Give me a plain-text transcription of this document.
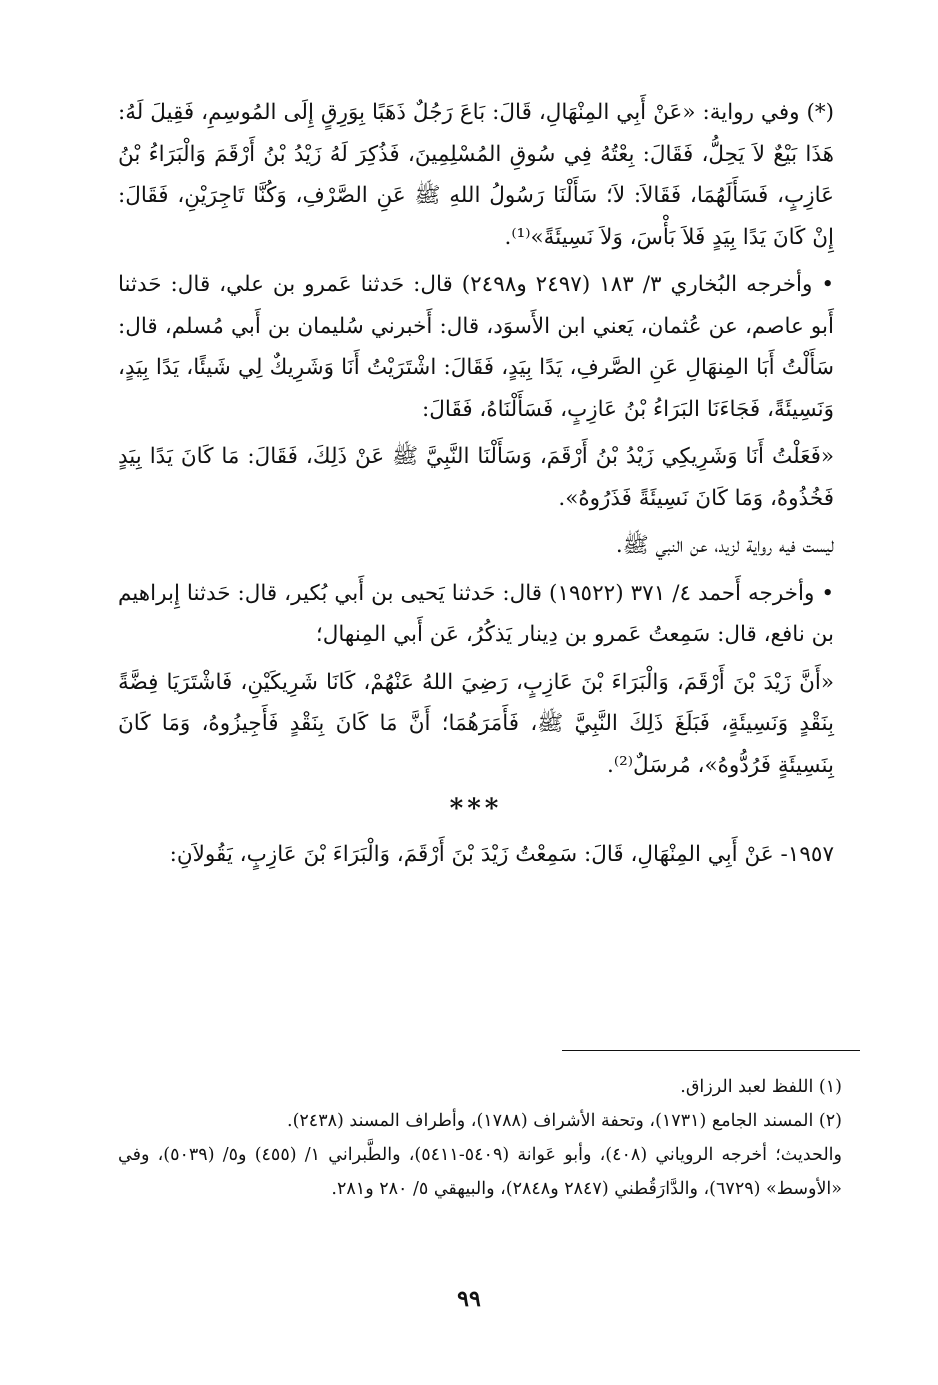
(*) وفي رواية: «عَنْ أَبِي المِنْهَالِ، قَالَ: بَاعَ رَجُلٌ ذَهَبًا بِوَرِقٍ إِلَى المُوسِمِ، فَقِيلَ لَهُ: هَذَا بَيْعٌ لاَ يَحِلُّ، فَقَالَ: بِعْتُهُ فِي سُوقِ المُسْلِمِينَ، فَذُكِرَ لَهُ زَيْدُ بْنُ أَرْقَمَ وَالْبَرَاءُ بْنُ عَازِبٍ، فَسَأَلَهُمَا، فَقَالاَ: لاَ؛ سَأَلْنَا رَسُولُ اللهِ ﷺ عَنِ الصَّرْفِ، وَكُنَّا تَاجِرَيْنِ، فَقَالَ: إِنْ كَانَ يَدًا بِيَدٍ فَلاَ بَأْسَ، وَلاَ نَسِيئَةً»⁽¹⁾.

• وأخرجه البُخاري ٣/ ١٨٣ (٢٤٩٧ و٢٤٩٨) قال: حَدثنا عَمرو بن علي، قال: حَدثنا أَبو عاصم، عن عُثمان، يَعني ابن الأَسوَد، قال: أَخبرني سُليمان بن أَبي مُسلم، قال: سَأَلْتُ أَبَا المِنهَالِ عَنِ الصَّرفِ، يَدًا بِيَدٍ، فَقَالَ: اشْتَرَيْتُ أَنَا وَشَرِيكٌ لِي شَيئًا، يَدًا بِيَدٍ، وَنَسِيئَةً، فَجَاءَنَا البَرَاءُ بْنُ عَازِبٍ، فَسَأَلْنَاهُ، فَقَالَ:

«فَعَلْتُ أَنَا وَشَرِيكِي زَيْدُ بْنُ أَرْقَمَ، وَسَأَلْنَا النَّبِيَّ ﷺ عَنْ ذَلِكَ، فَقَالَ: مَا كَانَ يَدًا بِيَدٍ فَخُذُوهُ، وَمَا كَانَ نَسِيئَةً فَذَرُوهُ».

ليست فيه رواية لزيد، عن النبي ﷺ.

• وأخرجه أَحمد ٤/ ٣٧١ (١٩٥٢٢) قال: حَدثنا يَحيى بن أَبي بُكير، قال: حَدثنا إِبراهيم بن نافع، قال: سَمِعتُ عَمرو بن دِينار يَذكُرُ، عَن أَبي المِنهال؛

«أَنَّ زَيْدَ بْنَ أَرْقَمَ، وَالْبَرَاءَ بْنَ عَازِبٍ، رَضِيَ اللهُ عَنْهُمْ، كَانَا شَرِيكَيْنِ، فَاشْتَرَيَا فِضَّةً بِنَقْدٍ وَنَسِيئَةٍ، فَبَلَغَ ذَلِكَ النَّبِيَّ ﷺ، فَأَمَرَهُمَا؛ أَنَّ مَا كَانَ بِنَقْدٍ فَأَجِيزُوهُ، وَمَا كَانَ بِنَسِيئَةٍ فَرُدُّوهُ»، مُرسَلٌ⁽²⁾.

***

١٩٥٧- عَنْ أَبِي المِنْهَالِ، قَالَ: سَمِعْتُ زَيْدَ بْنَ أَرْقَمَ، وَالْبَرَاءَ بْنَ عَازِبٍ، يَقُولاَنِ:

(١) اللفظ لعبد الرزاق.

(٢) المسند الجامع (١٧٣١)، وتحفة الأشراف (١٧٨٨)، وأطراف المسند (٢٤٣٨).

والحديث؛ أخرجه الروياني (٤٠٨)، وأبو عَوانة (٥٤٠٩-٥٤١١)، والطَّبراني ١/ (٤٥٥) و٥/ (٥٠٣٩)، وفي «الأوسط» (٦٧٢٩)، والدَّارَقُطني (٢٨٤٧ و٢٨٤٨)، والبيهقي ٥/ ٢٨٠ و٢٨١.

٩٩
